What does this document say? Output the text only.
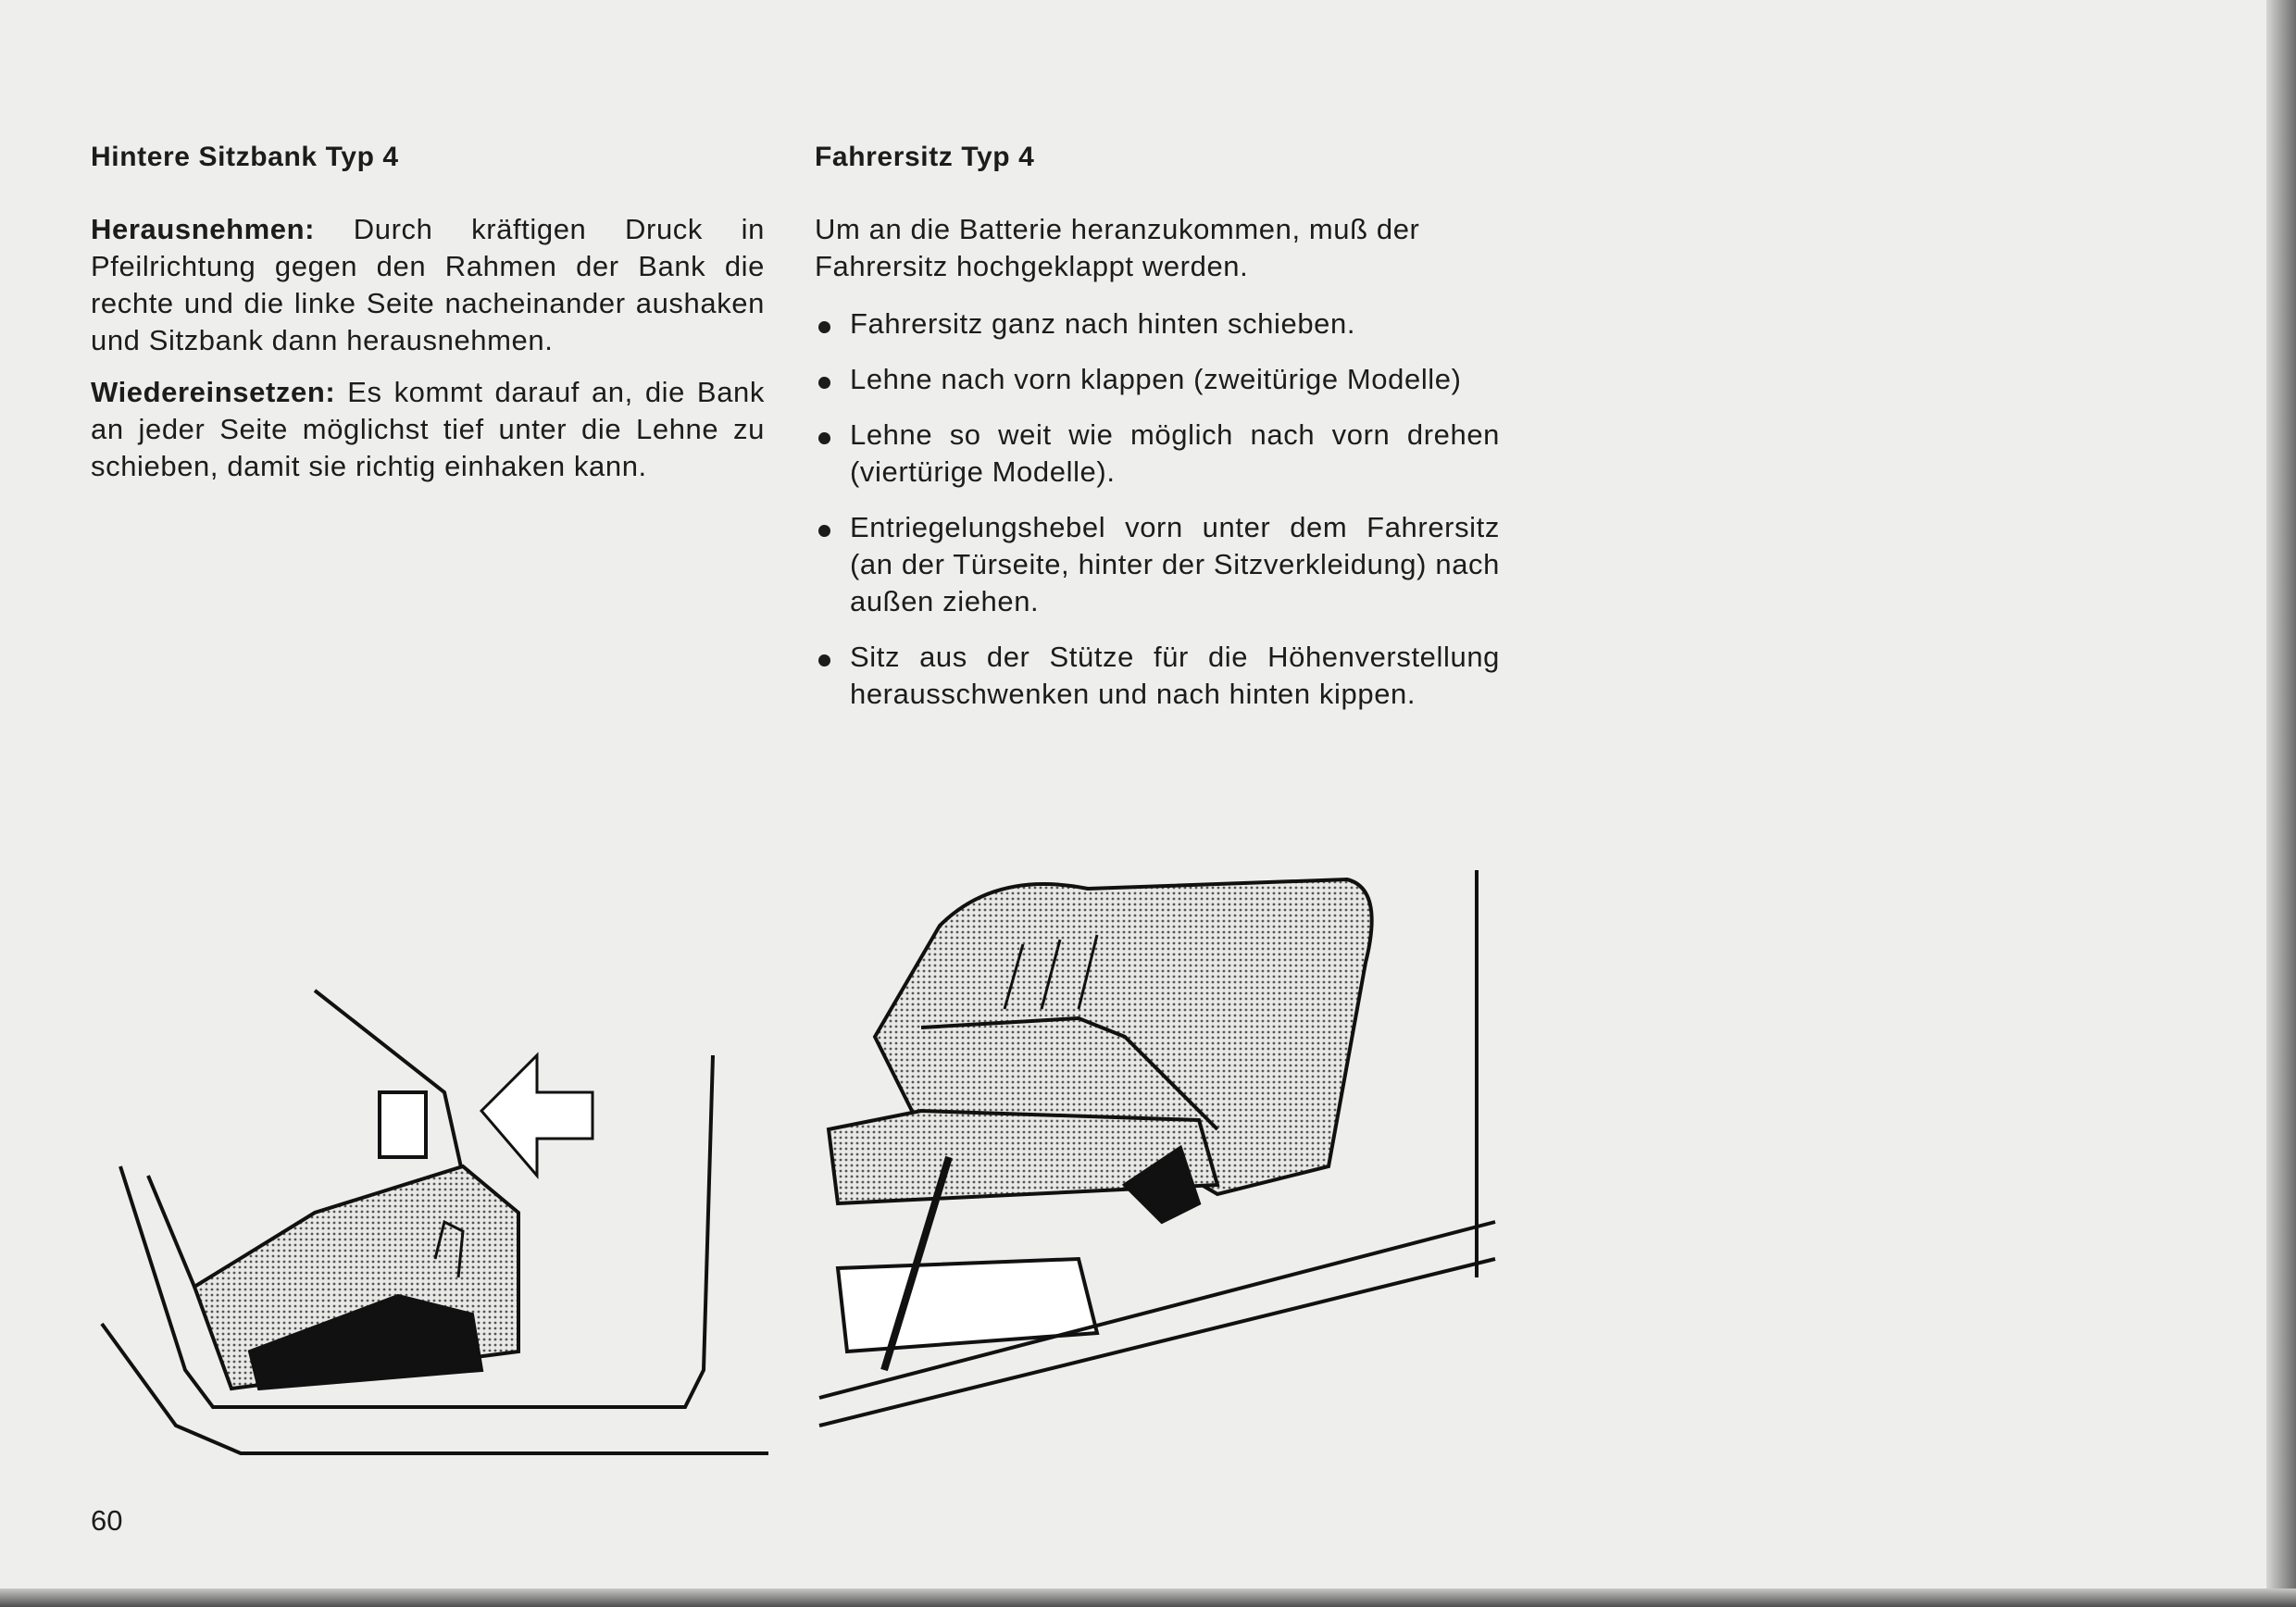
Hintere Sitzbank Typ 4

Herausnehmen: Durch kräftigen Druck in Pfeilrichtung gegen den Rahmen der Bank die rechte und die linke Seite nacheinander aushaken und Sitzbank dann herausnehmen.

Wiedereinsetzen: Es kommt darauf an, die Bank an jeder Seite möglichst tief unter die Lehne zu schieben, damit sie richtig einhaken kann.

Fahrersitz Typ 4

Um an die Batterie heranzukommen, muß der Fahrersitz hochgeklappt werden.

Fahrersitz ganz nach hinten schieben.
Lehne nach vorn klappen (zweitürige Modelle)
Lehne so weit wie möglich nach vorn drehen (viertürige Modelle).
Entriegelungshebel vorn unter dem Fahrersitz (an der Türseite, hinter der Sitzverkleidung) nach außen ziehen.
Sitz aus der Stütze für die Höhenverstellung herausschwenken und nach hinten kippen.
60
